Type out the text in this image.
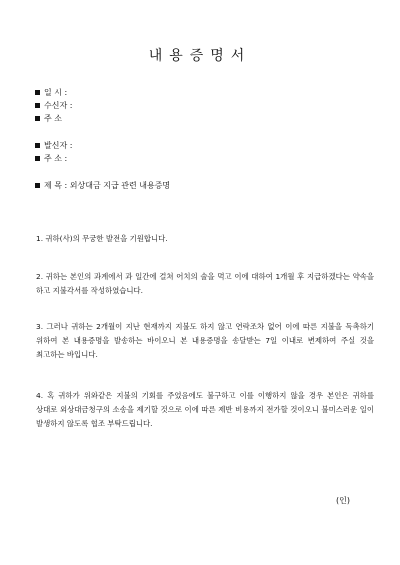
내용증명서
일 시 :
수신자 :
주 소
발신자 :
주 소 :
제 목 : 외상대금 지급 관련 내용증명
1. 귀하(사)의 무궁한 발전을 기원합니다.
2. 귀하는 본인의 과계에서 과 일간에 걸쳐 어치의 술을 먹고 이에 대하여 1개월 후 지급하겠다는 약속을 하고 지불각서를 작성하였습니다.
3. 그러나 귀하는 2개월이 지난 현재까지 지불도 하지 않고 연락조차 없어 이에 따른 지불을 독촉하기 위하여 본 내용증명을 발송하는 바이오니 본 내용증명을 송달받는 7일 이내로 변제하여 주실 것을 최고하는 바입니다.
4. 혹 귀하가 위와같은 지불의 기회를 주었음에도 불구하고 이를 이행하지 않을 경우 본인은 귀하를 상대로 외상대금청구의 소송을 제기할 것으로 이에 따른 제반 비용까지 전가할 것이오니 불미스러운 일이 발생하지 않도록 협조 부탁드립니다.
(인)
